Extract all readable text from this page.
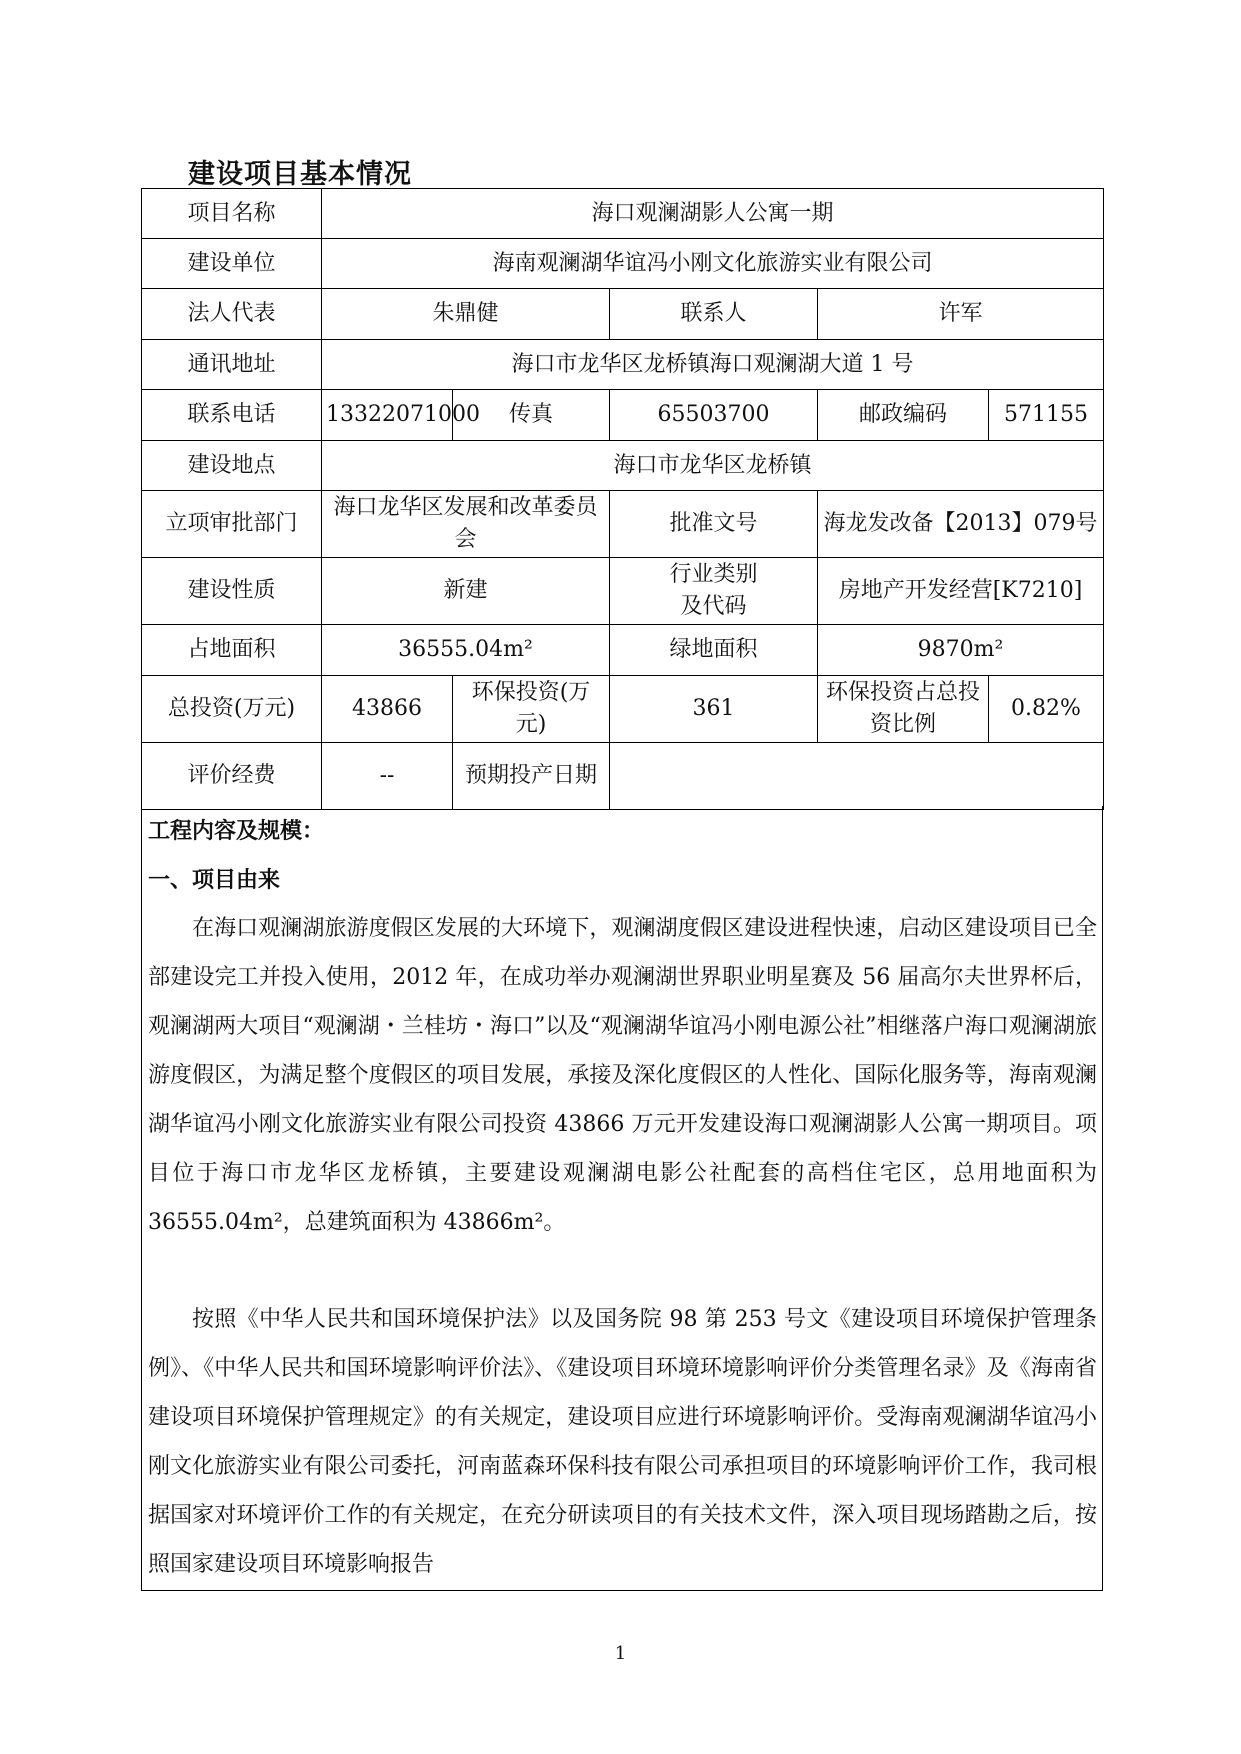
建设项目基本情况
项目名称	海口观澜湖影人公寓一期				
建设单位	海南观澜湖华谊冯小刚文化旅游实业有限公司				
法人代表	朱鼎健		联系人	许军	
通讯地址	海口市龙华区龙桥镇海口观澜湖大道 1 号				
联系电话	13322071000	传真	65503700	邮政编码	571155
建设地点	海口市龙华区龙桥镇				
立项审批部门	海口龙华区发展和改革委员会		批准文号	海龙发改备【2013】079号	
建设性质	新建		行业类别及代码	房地产开发经营[K7210]	
占地面积	36555.04m²		绿地面积	9870m²	
总投资(万元)	43866	环保投资(万元)	361	环保投资占总投资比例	0.82%
评价经费	--	预期投产日期			
工程内容及规模：
一、项目由来

在海口观澜湖旅游度假区发展的大环境下，观澜湖度假区建设进程快速，启动区建设项目已全部建设完工并投入使用，2012 年，在成功举办观澜湖世界职业明星赛及 56 届高尔夫世界杯后，观澜湖两大项目“观澜湖・兰桂坊・海口”以及“观澜湖华谊冯小刚电源公社”相继落户海口观澜湖旅游度假区，为满足整个度假区的项目发展，承接及深化度假区的人性化、国际化服务等，海南观澜湖华谊冯小刚文化旅游实业有限公司投资 43866 万元开发建设海口观澜湖影人公寓一期项目。项目位于海口市龙华区龙桥镇，主要建设观澜湖电影公社配套的高档住宅区，总用地面积为 36555.04m²，总建筑面积为 43866m²。

按照《中华人民共和国环境保护法》以及国务院 98 第 253 号文《建设项目环境保护管理条例》、《中华人民共和国环境影响评价法》、《建设项目环境环境影响评价分类管理名录》及《海南省建设项目环境保护管理规定》的有关规定，建设项目应进行环境影响评价。受海南观澜湖华谊冯小刚文化旅游实业有限公司委托，河南蓝森环保科技有限公司承担项目的环境影响评价工作，我司根据国家对环境评价工作的有关规定，在充分研读项目的有关技术文件，深入项目现场踏勘之后，按照国家建设项目环境影响报告

1
